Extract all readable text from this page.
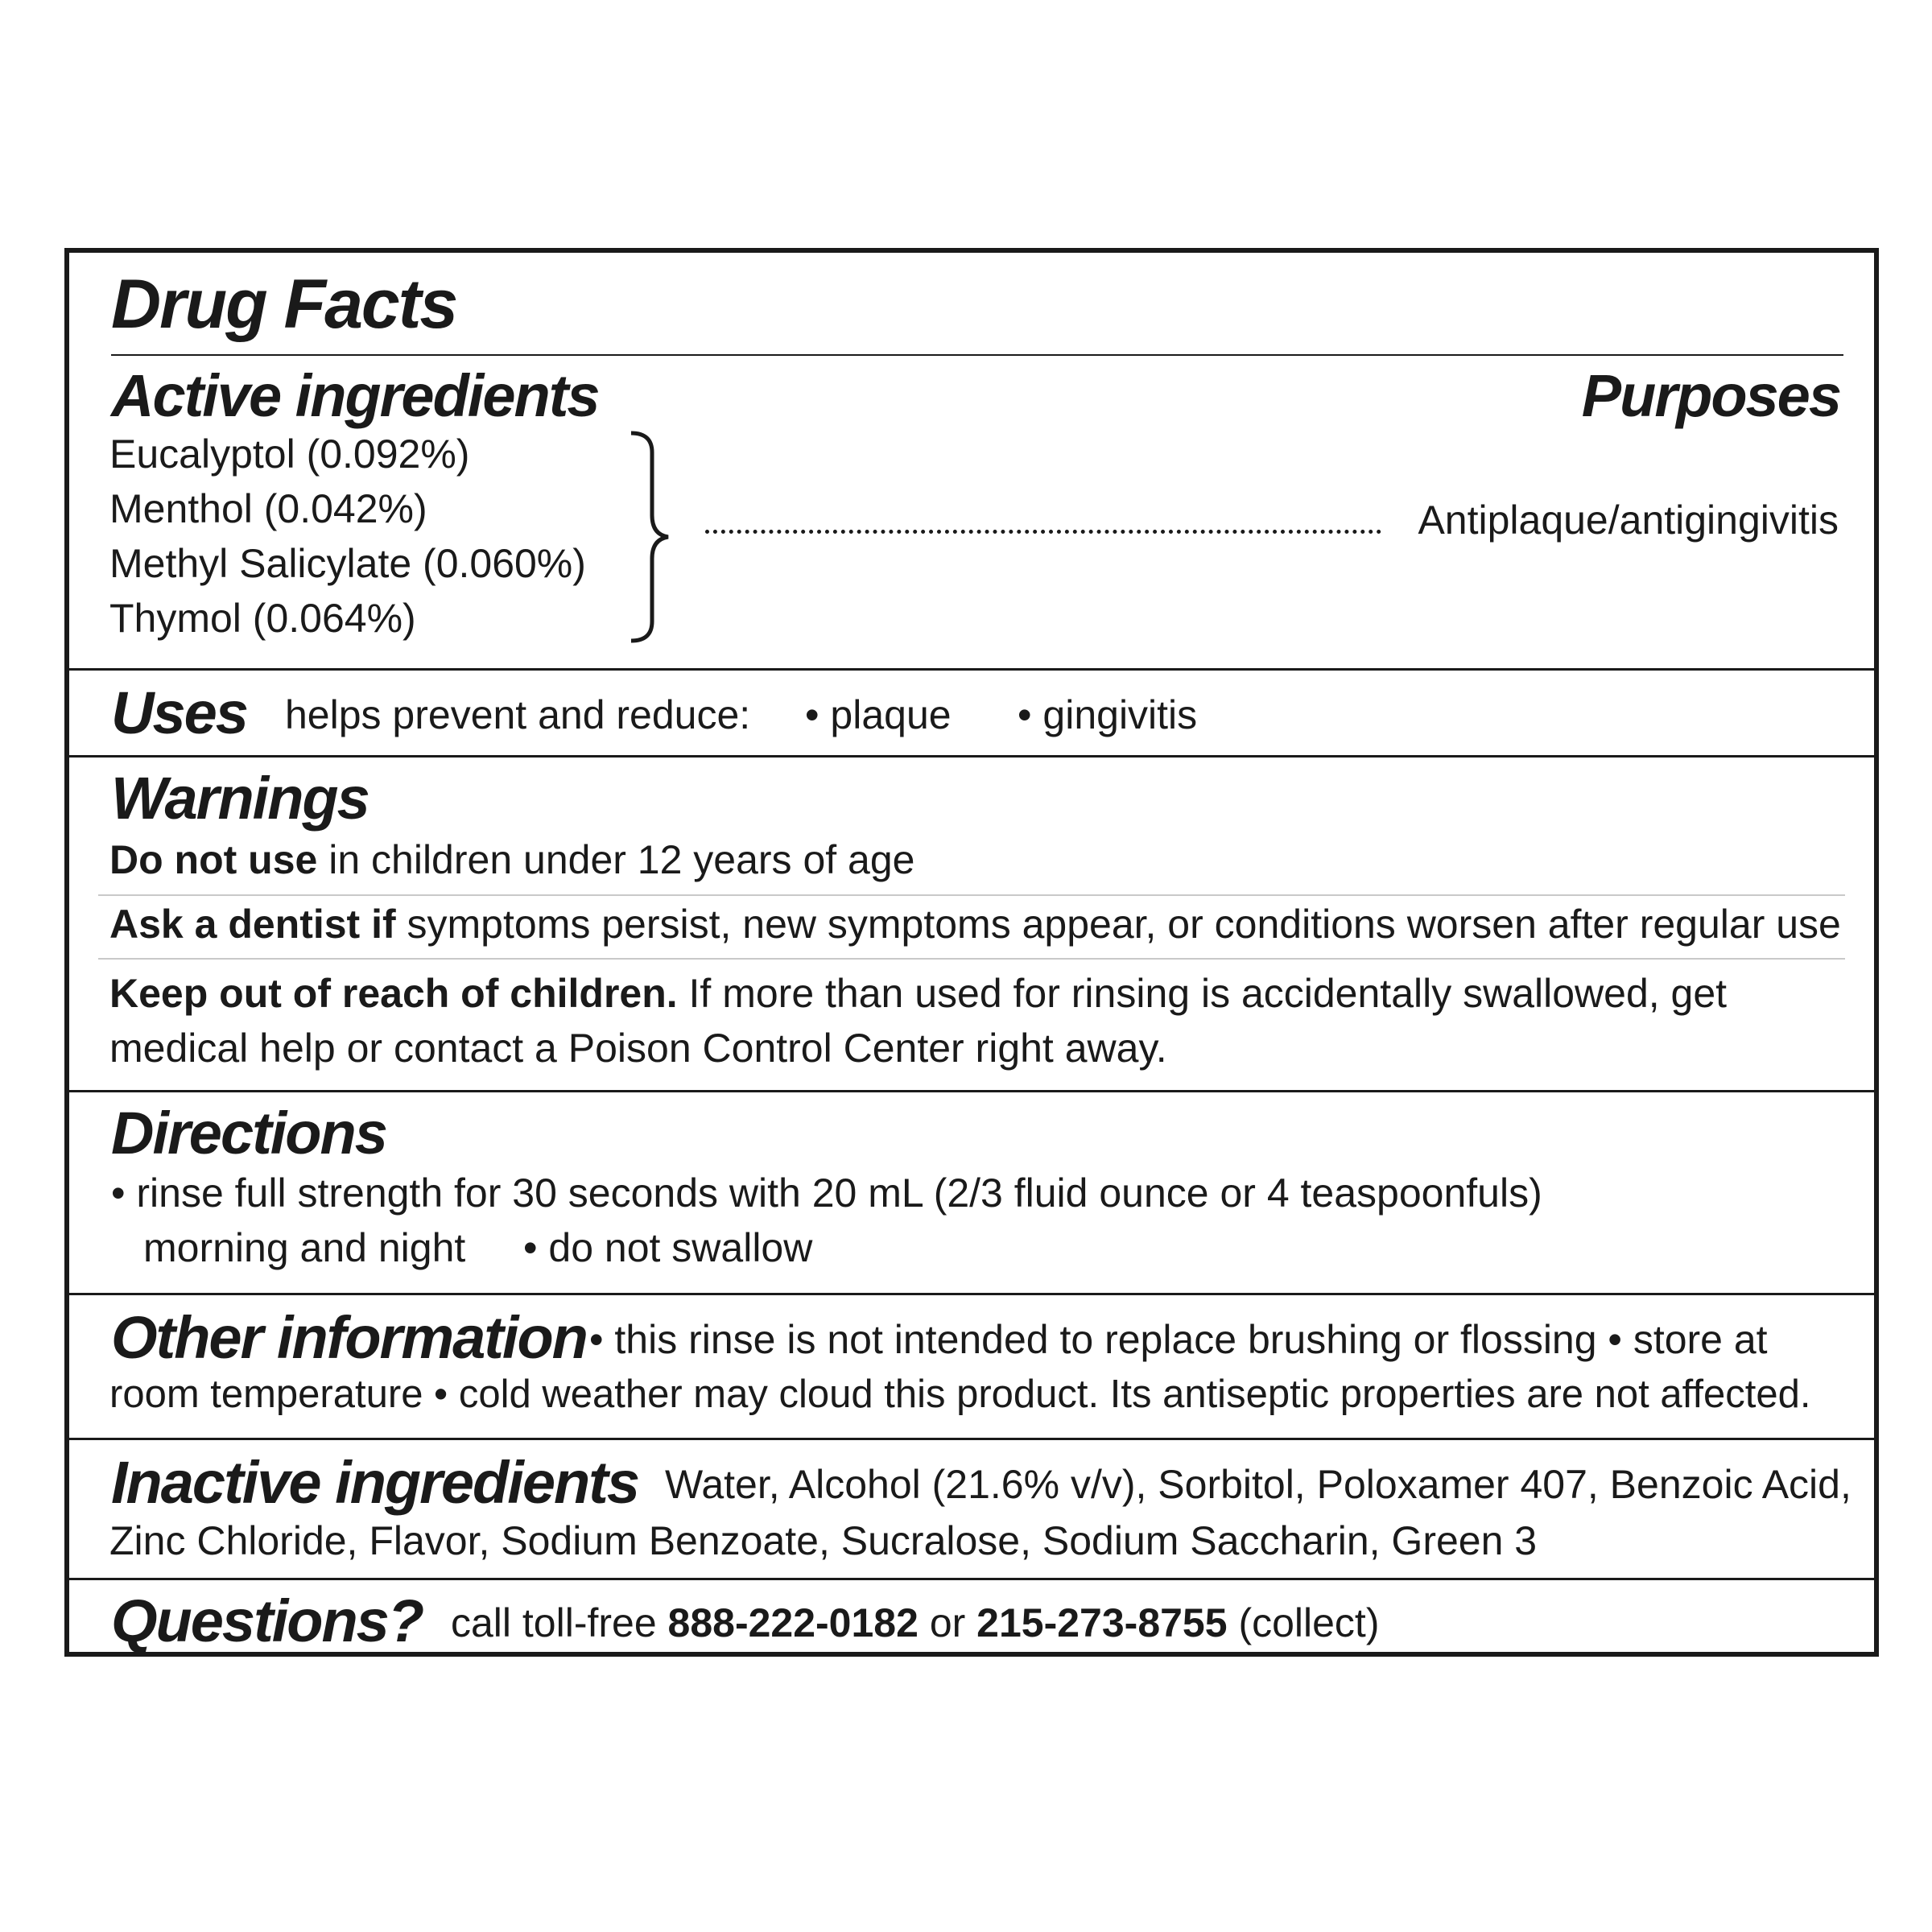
Drug Facts
Active ingredients	Purposes
Eucalyptol (0.092%)
Menthol (0.042%)
Methyl Salicylate (0.060%)
Thymol (0.064%)
Antiplaque/antigingivitis
Uses helps prevent and reduce: • plaque • gingivitis
Warnings
Do not use in children under 12 years of age
Ask a dentist if symptoms persist, new symptoms appear, or conditions worsen after regular use
Keep out of reach of children. If more than used for rinsing is accidentally swallowed, get
medical help or contact a Poison Control Center right away.
Directions
• rinse full strength for 30 seconds with 20 mL (2/3 fluid ounce or 4 teaspoonfuls)
morning and night • do not swallow
Other information • this rinse is not intended to replace brushing or flossing • store at
room temperature • cold weather may cloud this product. Its antiseptic properties are not affected.
Inactive ingredients Water, Alcohol (21.6% v/v), Sorbitol, Poloxamer 407, Benzoic Acid,
Zinc Chloride, Flavor, Sodium Benzoate, Sucralose, Sodium Saccharin, Green 3
Questions? call toll-free 888-222-0182 or 215-273-8755 (collect)
